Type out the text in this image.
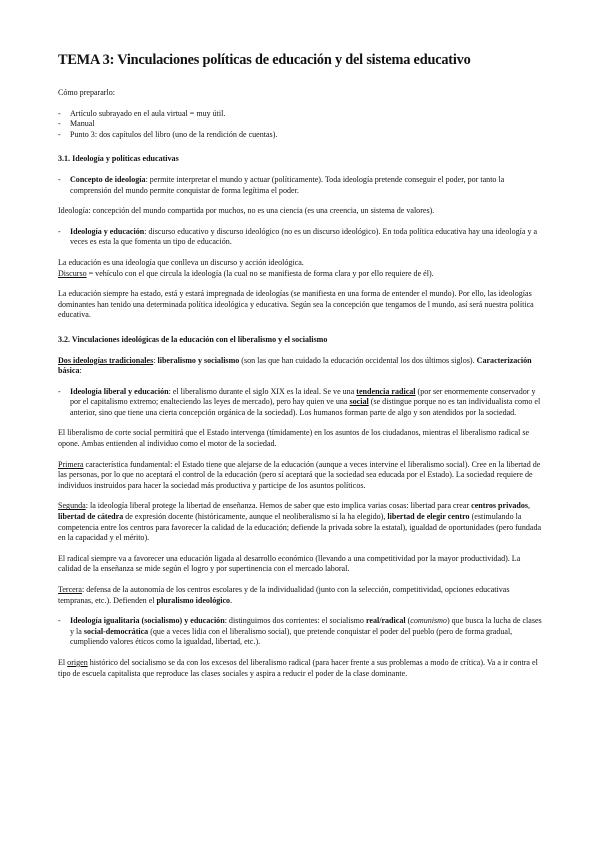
TEMA 3: Vinculaciones políticas de educación y del sistema educativo

Cómo prepararlo:

- Artículo subrayado en el aula virtual = muy útil.
- Manual
- Punto 3: dos capítulos del libro (uno de la rendición de cuentas).

3.1. Ideología y políticas educativas

- Concepto de ideología: permite interpretar el mundo y actuar (políticamente). Toda ideología pretende conseguir el poder, por tanto la comprensión del mundo permite conquistar de forma legítima el poder.

Ideología: concepción del mundo compartida por muchos, no es una ciencia (es una creencia, un sistema de valores).

- Ideología y educación: discurso educativo y discurso ideológico (no es un discurso ideológico). En toda política educativa hay una ideología y a veces es esta la que fomenta un tipo de educación.

La educación es una ideología que conlleva un discurso y acción ideológica.

Discurso = vehículo con el que circula la ideología (la cual no se manifiesta de forma clara y por ello requiere de él).

La educación siempre ha estado, está y estará impregnada de ideologías (se manifiesta en una forma de entender el mundo). Por ello, las ideologías dominantes han tenido una determinada política ideológica y educativa. Según sea la concepción que tengamos de l mundo, así será nuestra política educativa.

3.2. Vinculaciones ideológicas de la educación con el liberalismo y el socialismo

Dos ideologías tradicionales: liberalismo y socialismo (son las que han cuidado la educación occidental los dos últimos siglos). Caracterización básica:

- Ideología liberal y educación: el liberalismo durante el siglo XIX es la ideal. Se ve una tendencia radical (por ser enormemente conservador y por el capitalismo extremo; enalteciendo las leyes de mercado), pero hay quien ve una social (se distingue porque no es tan individualista como el anterior, sino que tiene una cierta concepción orgánica de la sociedad). Los humanos forman parte de algo y son atendidos por la sociedad.

El liberalismo de corte social permitirá que el Estado intervenga (tímidamente) en los asuntos de los ciudadanos, mientras el liberalismo radical se opone. Ambas entienden al individuo como el motor de la sociedad.

Primera característica fundamental: el Estado tiene que alejarse de la educación (aunque a veces intervine el liberalismo social). Cree en la libertad de las personas, por lo que no aceptará el control de la educación (pero sí aceptará que la sociedad sea educada por el Estado). La sociedad requiere de individuos instruidos para hacer la sociedad más productiva y participe de los asuntos políticos.

Segunda: la ideología liberal protege la libertad de enseñanza. Hemos de saber que esto implica varias cosas: libertad para crear centros privados, libertad de cátedra de expresión docente (históricamente, aunque el neoliberalismo sí la ha elegido), libertad de elegir centro (estimulando la competencia entre los centros para favorecer la calidad de la educación; defiende la privada sobre la estatal), igualdad de oportunidades (pero fundada en la capacidad y el mérito).

El radical siempre va a favorecer una educación ligada al desarrollo económico (llevando a una competitividad por la mayor productividad). La calidad de la enseñanza se mide según el logro y por supertinencia con el mercado laboral.

Tercera: defensa de la autonomía de los centros escolares y de la individualidad (junto con la selección, competitividad, opciones educativas tempranas, etc.). Defienden el pluralismo ideológico.

- Ideología igualitaria (socialismo) y educación: distinguimos dos corrientes: el socialismo real/radical (comunismo) que busca la lucha de clases y la social-democrática (que a veces lidia con el liberalismo social), que pretende conquistar el poder del pueblo (pero de forma gradual, cumpliendo valores éticos como la igualdad, libertad, etc.).

El origen histórico del socialismo se da con los excesos del liberalismo radical (para hacer frente a sus problemas a modo de crítica). Va a ir contra el tipo de escuela capitalista que reproduce las clases sociales y aspira a reducir el poder de la clase dominante.
